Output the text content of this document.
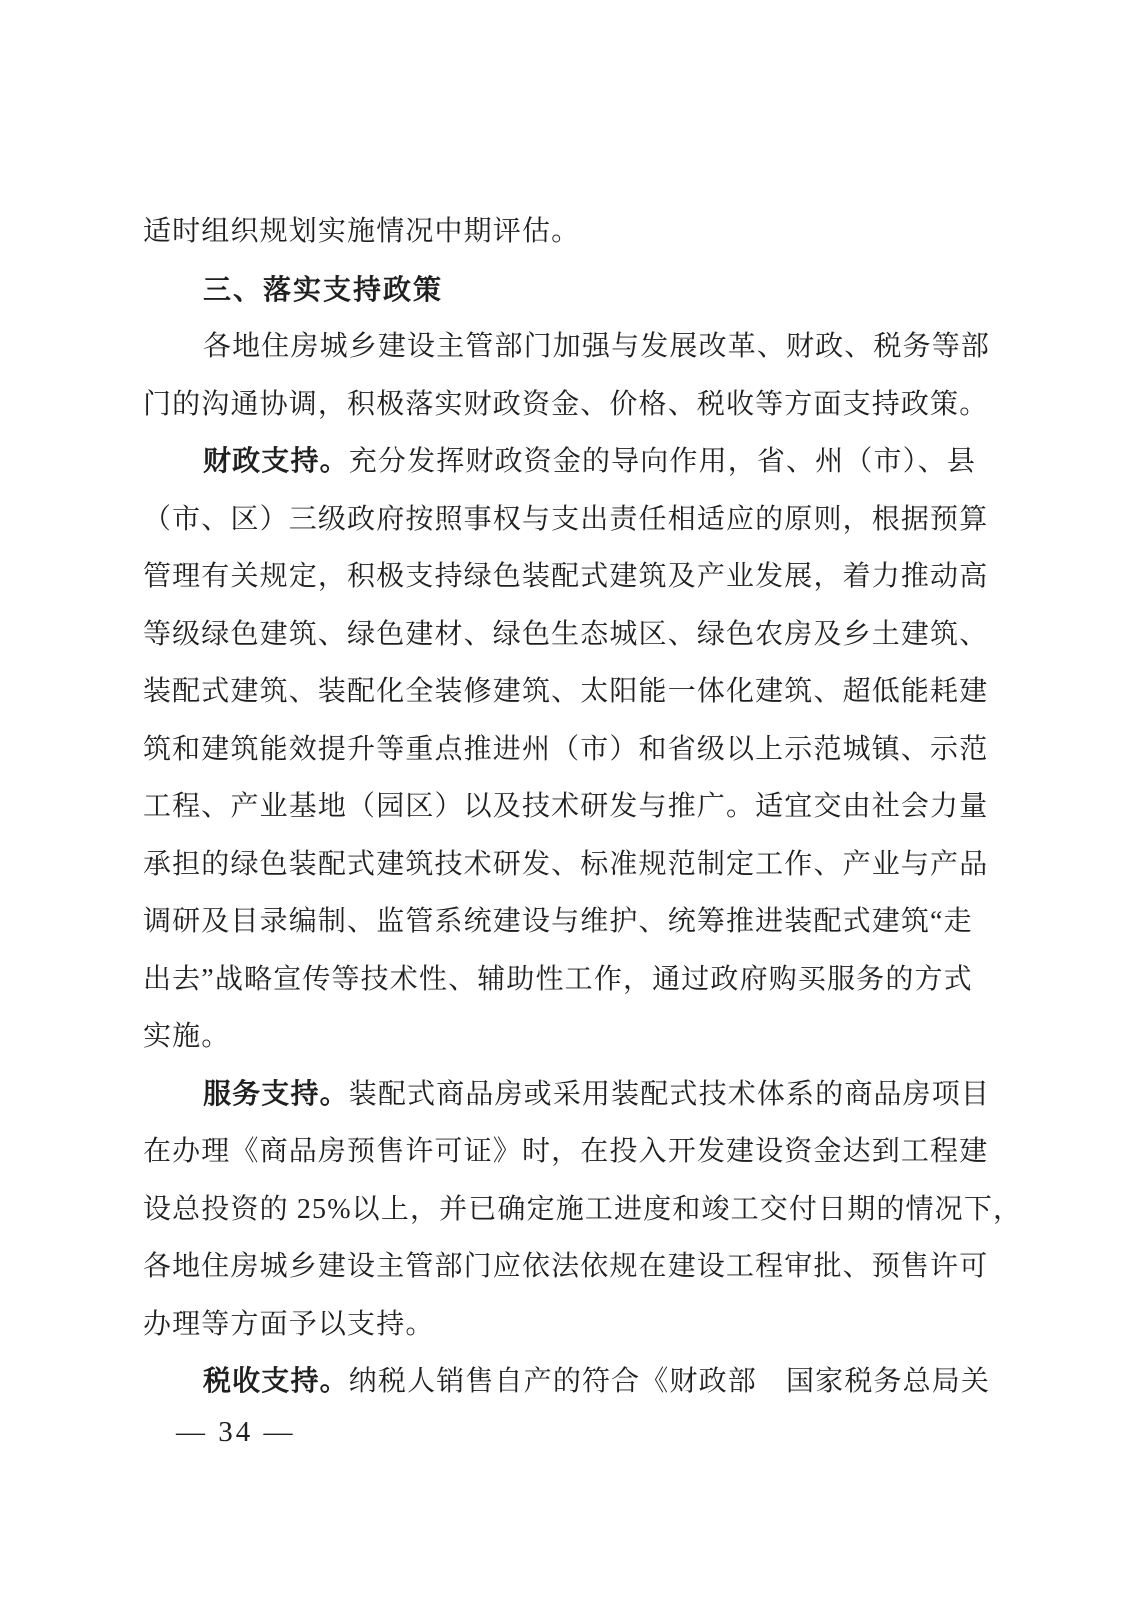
适时组织规划实施情况中期评估。
三、落实支持政策
各地住房城乡建设主管部门加强与发展改革、财政、税务等部
门的沟通协调，积极落实财政资金、价格、税收等方面支持政策。
财政支持。充分发挥财政资金的导向作用，省、州（市）、县
（市、区）三级政府按照事权与支出责任相适应的原则，根据预算
管理有关规定，积极支持绿色装配式建筑及产业发展，着力推动高
等级绿色建筑、绿色建材、绿色生态城区、绿色农房及乡土建筑、
装配式建筑、装配化全装修建筑、太阳能一体化建筑、超低能耗建
筑和建筑能效提升等重点推进州（市）和省级以上示范城镇、示范
工程、产业基地（园区）以及技术研发与推广。适宜交由社会力量
承担的绿色装配式建筑技术研发、标准规范制定工作、产业与产品
调研及目录编制、监管系统建设与维护、统筹推进装配式建筑“走
出去”战略宣传等技术性、辅助性工作，通过政府购买服务的方式
实施。
服务支持。装配式商品房或采用装配式技术体系的商品房项目
在办理《商品房预售许可证》时，在投入开发建设资金达到工程建
设总投资的 25%以上，并已确定施工进度和竣工交付日期的情况下，
各地住房城乡建设主管部门应依法依规在建设工程审批、预售许可
办理等方面予以支持。
税收支持。纳税人销售自产的符合《财政部　国家税务总局关
— 34 —
